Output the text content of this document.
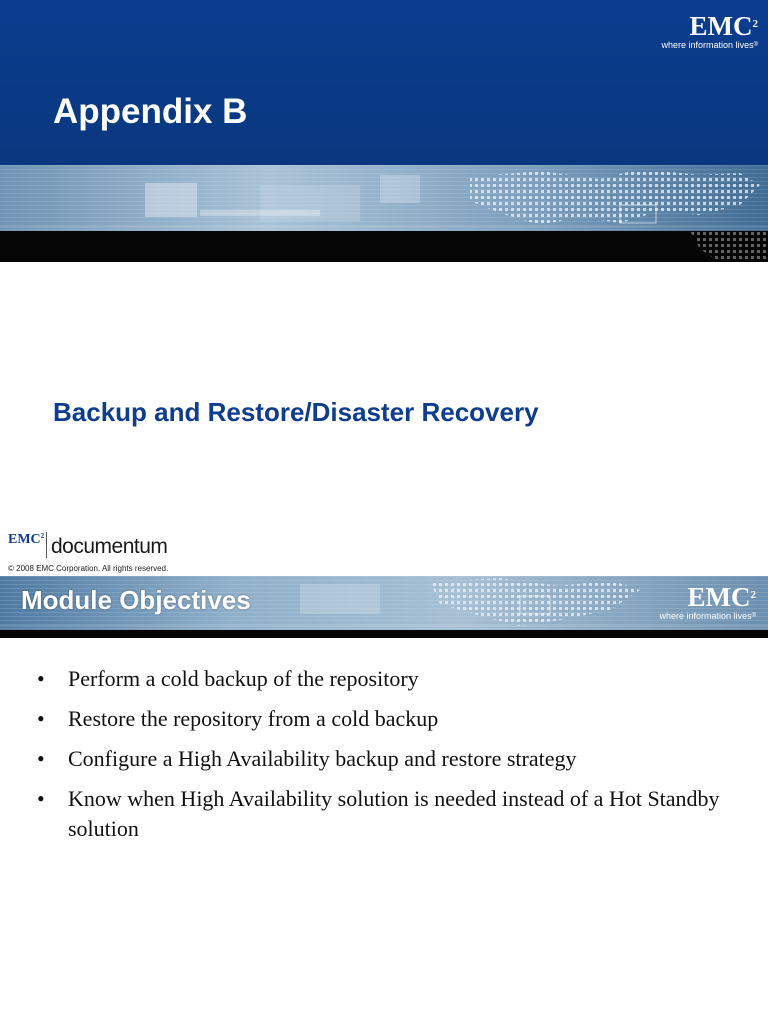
EMC$^2$
where information lives®
Appendix B
Backup and Restore/Disaster Recovery
EMC$^2$ documentum
© 2008 EMC Corporation. All rights reserved.
Module Objectives	EMC$^2$
where information lives®
• Perform a cold backup of the repository
• Restore the repository from a cold backup
• Configure a High Availability backup and restore strategy
• Know when High Availability solution is needed instead of a Hot Standby solution
